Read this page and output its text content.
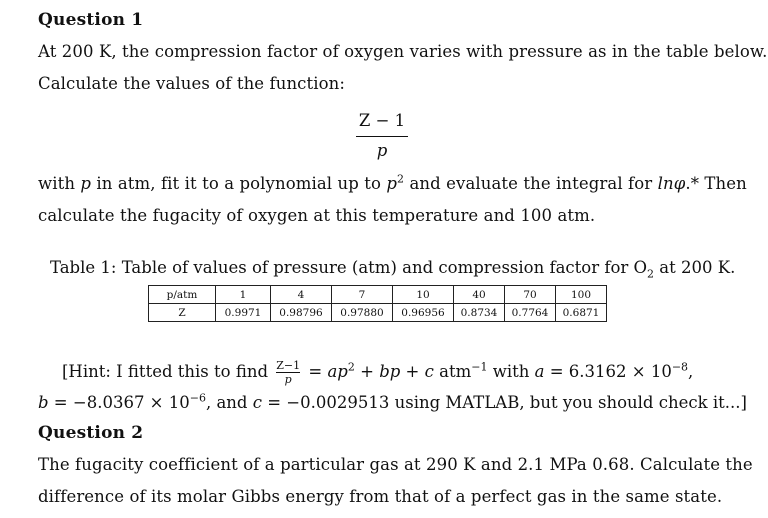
Question 1
At 200 K, the compression factor of oxygen varies with pressure as in the table below.
Calculate the values of the function:
Z − 1
p
with p in atm, fit it to a polynomial up to $p^2$ and evaluate the integral for lnφ.* Then
calculate the fugacity of oxygen at this temperature and 100 atm.
Table 1: Table of values of pressure (atm) and compression factor for $O_2$ at 200 K.
p/atm	1	4	7	10	40	70	100
Z	0.9971	0.98796	0.97880	0.96956	0.8734	0.7764	0.6871
[Hint: I fitted this to find $\frac{Z-1}{p} = ap^2$ + bp + c atm$^{-1}$ with $a = 6.3162 \times 10^{-8}$,
$b = -8.0367 \times 10^{-6}$, and c = −0.0029513 using MATLAB, but you should check it...]
Question 2
The fugacity coefficient of a particular gas at 290 K and 2.1 MPa 0.68. Calculate the
difference of its molar Gibbs energy from that of a perfect gas in the same state.
